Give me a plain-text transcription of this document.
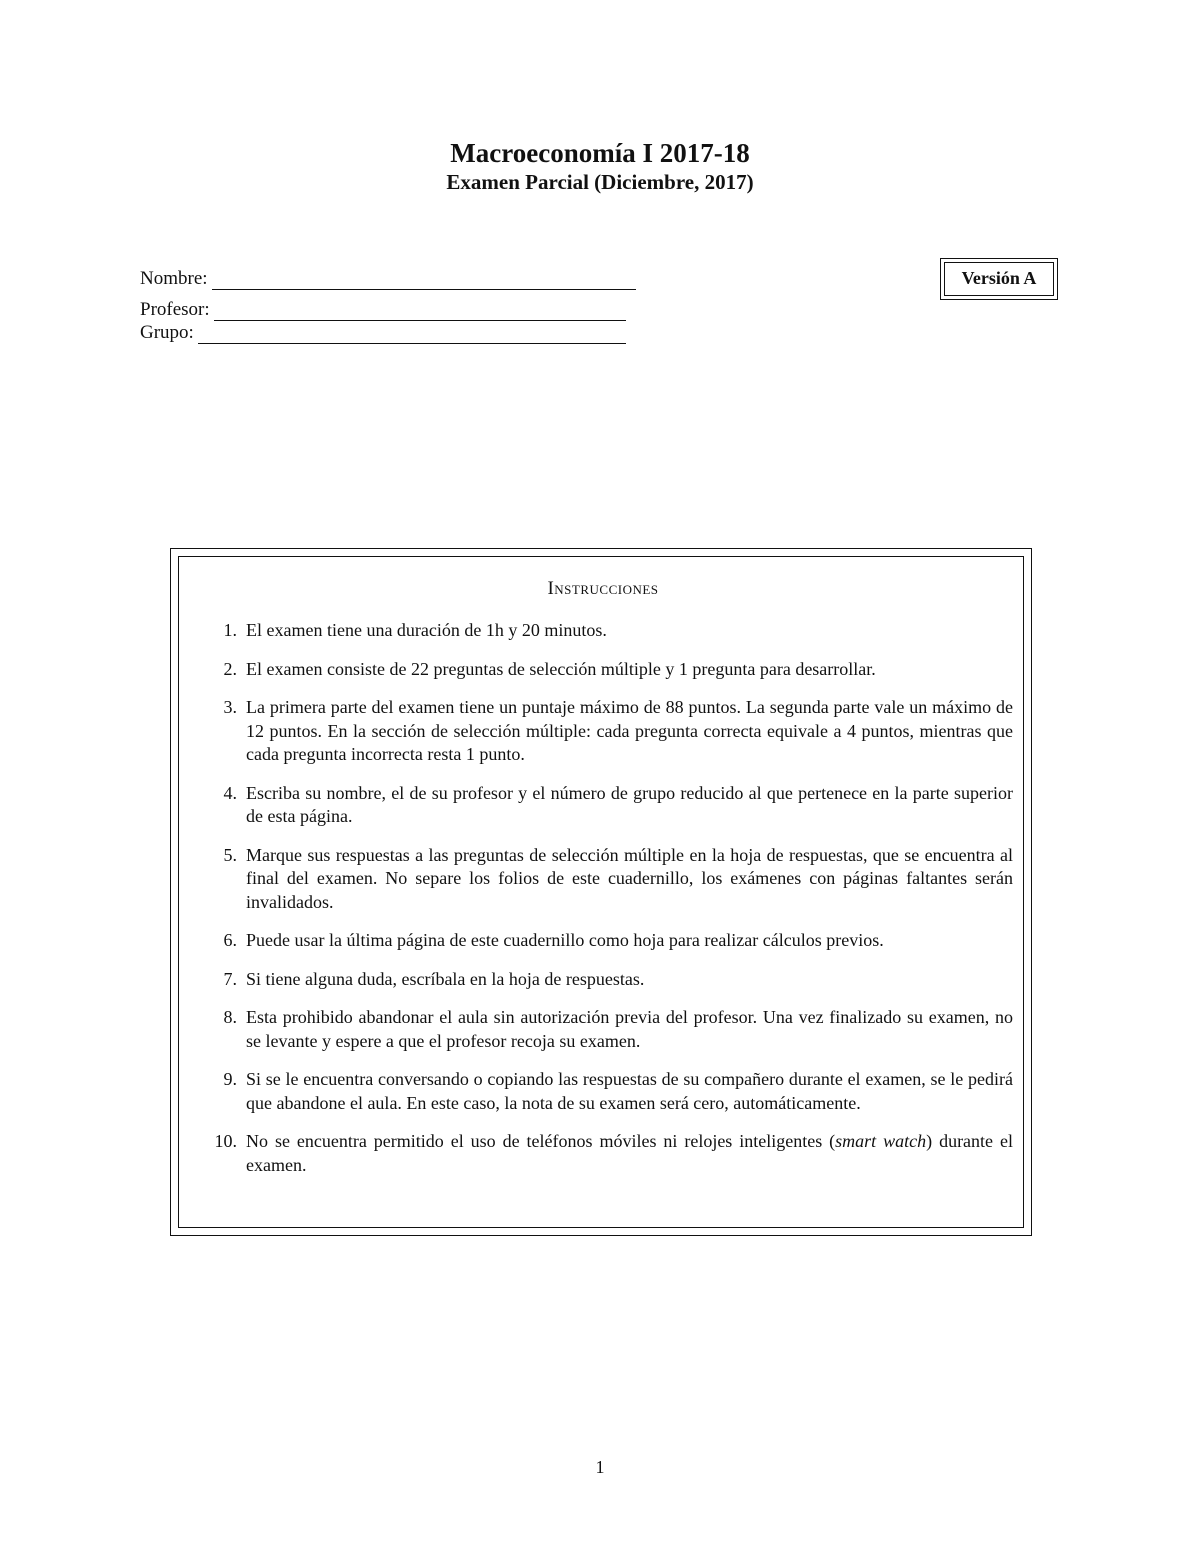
Macroeconomía I 2017-18
Examen Parcial (Diciembre, 2017)
Nombre:
Profesor:
Grupo:
Versión A
Instrucciones
1. El examen tiene una duración de 1h y 20 minutos.
2. El examen consiste de 22 preguntas de selección múltiple y 1 pregunta para desarrollar.
3. La primera parte del examen tiene un puntaje máximo de 88 puntos. La segunda parte vale un máximo de 12 puntos. En la sección de selección múltiple: cada pregunta correcta equivale a 4 puntos, mientras que cada pregunta incorrecta resta 1 punto.
4. Escriba su nombre, el de su profesor y el número de grupo reducido al que pertenece en la parte superior de esta página.
5. Marque sus respuestas a las preguntas de selección múltiple en la hoja de respuestas, que se encuentra al final del examen. No separe los folios de este cuadernillo, los exámenes con páginas faltantes serán invalidados.
6. Puede usar la última página de este cuadernillo como hoja para realizar cálculos previos.
7. Si tiene alguna duda, escríbala en la hoja de respuestas.
8. Esta prohibido abandonar el aula sin autorización previa del profesor. Una vez finalizado su examen, no se levante y espere a que el profesor recoja su examen.
9. Si se le encuentra conversando o copiando las respuestas de su compañero durante el examen, se le pedirá que abandone el aula. En este caso, la nota de su examen será cero, automáticamente.
10. No se encuentra permitido el uso de teléfonos móviles ni relojes inteligentes (smart watch) durante el examen.
1
